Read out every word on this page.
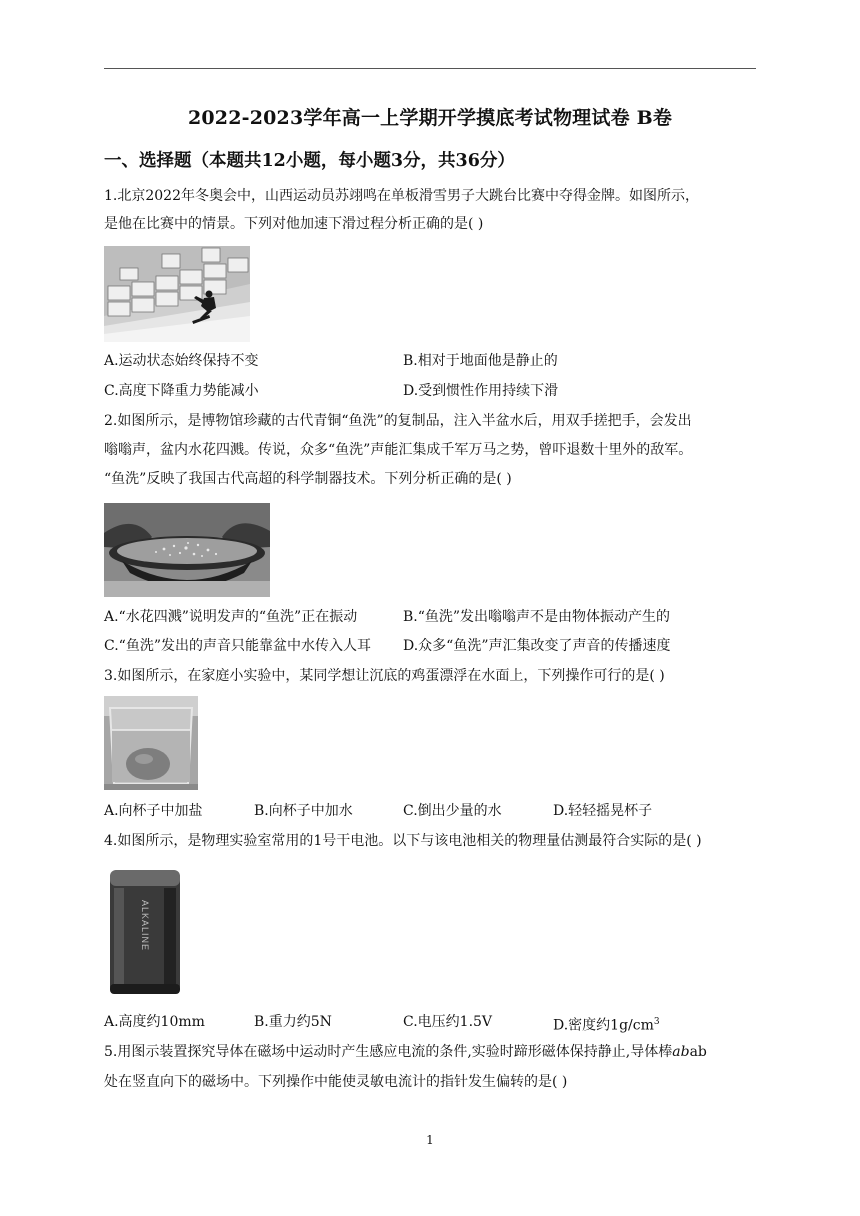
2022-2023学年高一上学期开学摸底考试物理试卷 B卷
一、选择题（本题共12小题，每小题3分，共36分）
1.北京2022年冬奥会中，山西运动员苏翊鸣在单板滑雪男子大跳台比赛中夺得金牌。如图所示，
是他在比赛中的情景。下列对他加速下滑过程分析正确的是( )
A.运动状态始终保持不变	B.相对于地面他是静止的
C.高度下降重力势能减小	D.受到惯性作用持续下滑
2.如图所示，是博物馆珍藏的古代青铜“鱼洗”的复制品，注入半盆水后，用双手搓把手，会发出
嗡嗡声，盆内水花四溅。传说，众多“鱼洗”声能汇集成千军万马之势，曾吓退数十里外的敌军。
“鱼洗”反映了我国古代高超的科学制器技术。下列分析正确的是( )
A.“水花四溅”说明发声的“鱼洗”正在振动	B.“鱼洗”发出嗡嗡声不是由物体振动产生的
C.“鱼洗”发出的声音只能靠盆中水传入人耳 D.众多“鱼洗”声汇集改变了声音的传播速度
3.如图所示，在家庭小实验中，某同学想让沉底的鸡蛋漂浮在水面上，下列操作可行的是( )
A.向杯子中加盐	B.向杯子中加水	C.倒出少量的水	D.轻轻摇晃杯子
4.如图所示，是物理实验室常用的1号干电池。以下与该电池相关的物理量估测最符合实际的是( )
ALKALINE
A.高度约10mm	B.重力约5N	C.电压约1.5V	D.密度约$1g/cm^3$
5.用图示装置探究导体在磁场中运动时产生感应电流的条件,实验时蹄形磁体保持静止,导体棒abab
处在竖直向下的磁场中。下列操作中能使灵敏电流计的指针发生偏转的是( )
1
